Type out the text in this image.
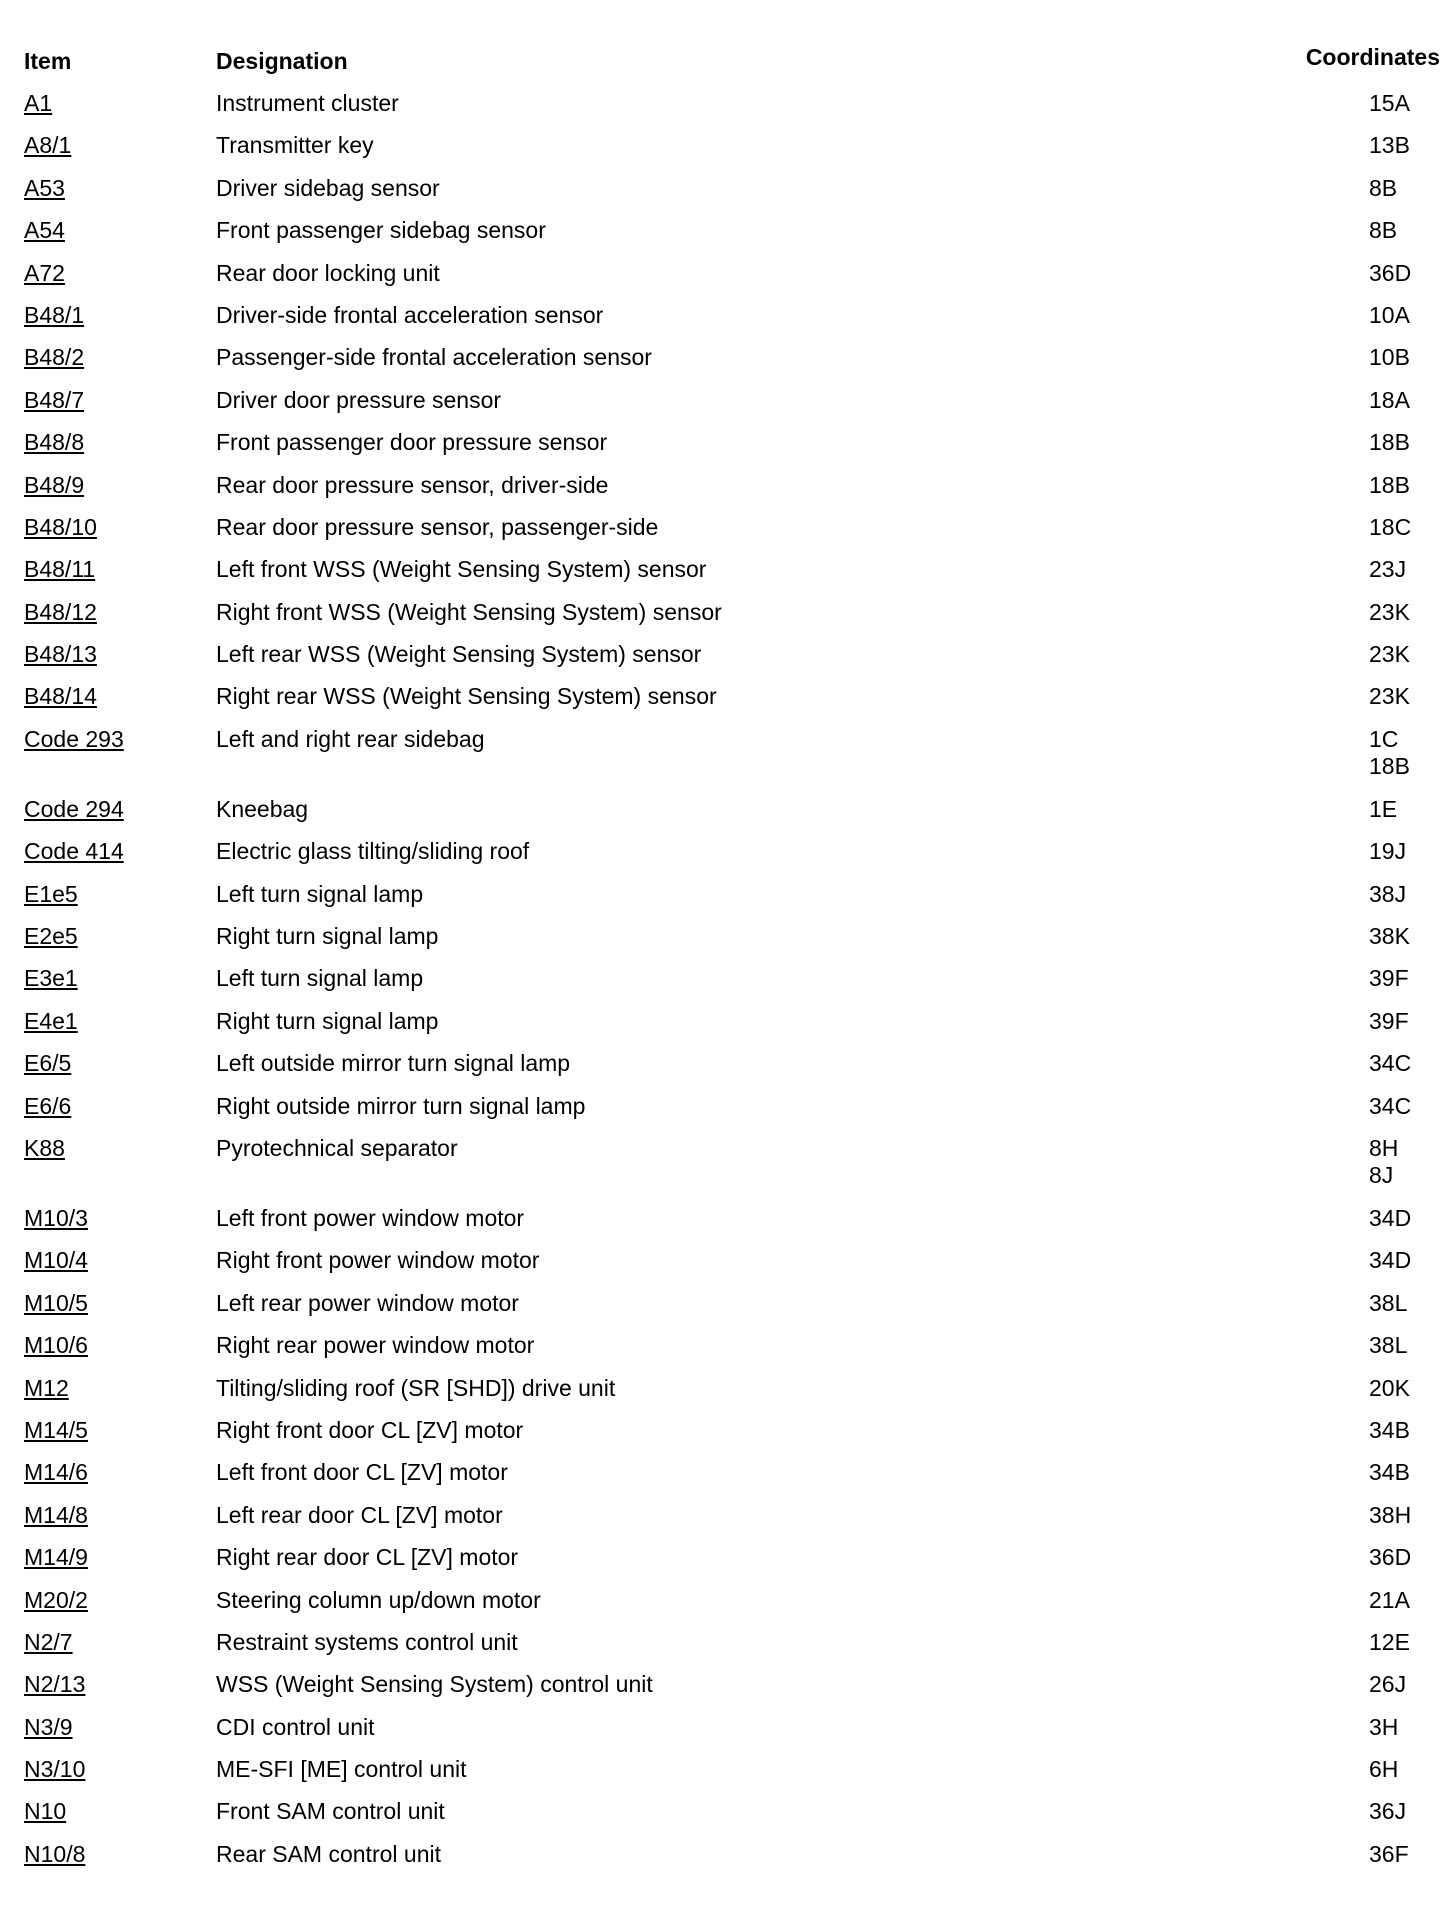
Item	Designation	Coordinates
A1	Instrument cluster	15A
A8/1	Transmitter key	13B
A53	Driver sidebag sensor	8B
A54	Front passenger sidebag sensor	8B
A72	Rear door locking unit	36D
B48/1	Driver-side frontal acceleration sensor	10A
B48/2	Passenger-side frontal acceleration sensor	10B
B48/7	Driver door pressure sensor	18A
B48/8	Front passenger door pressure sensor	18B
B48/9	Rear door pressure sensor, driver-side	18B
B48/10	Rear door pressure sensor, passenger-side	18C
B48/11	Left front WSS (Weight Sensing System) sensor	23J
B48/12	Right front WSS (Weight Sensing System) sensor	23K
B48/13	Left rear WSS (Weight Sensing System) sensor	23K
B48/14	Right rear WSS (Weight Sensing System) sensor	23K
Code 293	Left and right rear sidebag	1C
18B
Code 294	Kneebag	1E
Code 414	Electric glass tilting/sliding roof	19J
E1e5	Left turn signal lamp	38J
E2e5	Right turn signal lamp	38K
E3e1	Left turn signal lamp	39F
E4e1	Right turn signal lamp	39F
E6/5	Left outside mirror turn signal lamp	34C
E6/6	Right outside mirror turn signal lamp	34C
K88	Pyrotechnical separator	8H
8J
M10/3	Left front power window motor	34D
M10/4	Right front power window motor	34D
M10/5	Left rear power window motor	38L
M10/6	Right rear power window motor	38L
M12	Tilting/sliding roof (SR [SHD]) drive unit	20K
M14/5	Right front door CL [ZV] motor	34B
M14/6	Left front door CL [ZV] motor	34B
M14/8	Left rear door CL [ZV] motor	38H
M14/9	Right rear door CL [ZV] motor	36D
M20/2	Steering column up/down motor	21A
N2/7	Restraint systems control unit	12E
N2/13	WSS (Weight Sensing System) control unit	26J
N3/9	CDI control unit	3H
N3/10	ME-SFI [ME] control unit	6H
N10	Front SAM control unit	36J
N10/8	Rear SAM control unit	36F
